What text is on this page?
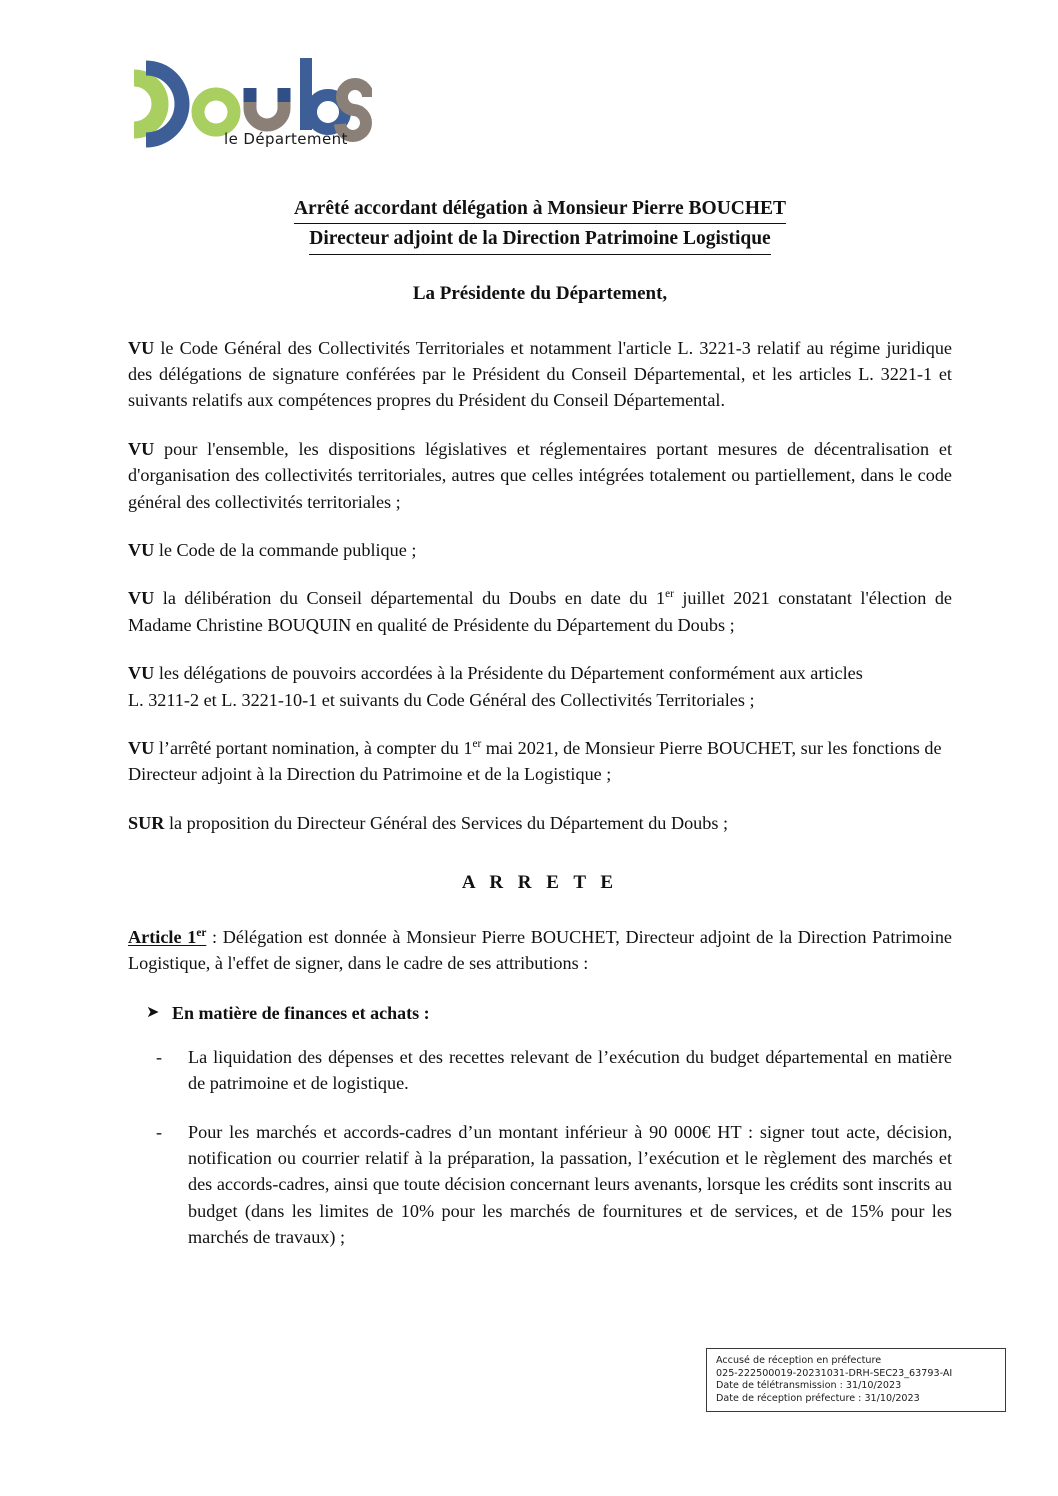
le Département
Arrêté accordant délégation à Monsieur Pierre BOUCHET
Directeur adjoint de la Direction Patrimoine Logistique
La Présidente du Département,

VU le Code Général des Collectivités Territoriales et notamment l'article L. 3221-3 relatif au régime juridique des délégations de signature conférées par le Président du Conseil Départemental, et les articles L. 3221-1 et suivants relatifs aux compétences propres du Président du Conseil Départemental.

VU pour l'ensemble, les dispositions législatives et réglementaires portant mesures de décentralisation et d'organisation des collectivités territoriales, autres que celles intégrées totalement ou partiellement, dans le code général des collectivités territoriales ;

VU le Code de la commande publique ;

VU la délibération du Conseil départemental du Doubs en date du 1er juillet 2021 constatant l'élection de Madame Christine BOUQUIN en qualité de Présidente du Département du Doubs ;

VU les délégations de pouvoirs accordées à la Présidente du Département conformément aux articles
L. 3211-2 et L. 3221-10-1 et suivants du Code Général des Collectivités Territoriales ;

VU l’arrêté portant nomination, à compter du 1er mai 2021, de Monsieur Pierre BOUCHET, sur les fonctions de Directeur adjoint à la Direction du Patrimoine et de la Logistique ;

SUR la proposition du Directeur Général des Services du Département du Doubs ;

A R R E T E

Article 1er : Délégation est donnée à Monsieur Pierre BOUCHET, Directeur adjoint de la Direction Patrimoine Logistique, à l'effet de signer, dans le cadre de ses attributions :

➤ En matière de finances et achats :
- La liquidation des dépenses et des recettes relevant de l’exécution du budget départemental en matière de patrimoine et de logistique.
- Pour les marchés et accords-cadres d’un montant inférieur à 90 000€ HT : signer tout acte, décision, notification ou courrier relatif à la préparation, la passation, l’exécution et le règlement des marchés et des accords-cadres, ainsi que toute décision concernant leurs avenants, lorsque les crédits sont inscrits au budget (dans les limites de 10% pour les marchés de fournitures et de services, et de 15% pour les marchés de travaux) ;
Accusé de réception en préfecture
025-222500019-20231031-DRH-SEC23_63793-AI
Date de télétransmission : 31/10/2023
Date de réception préfecture : 31/10/2023
